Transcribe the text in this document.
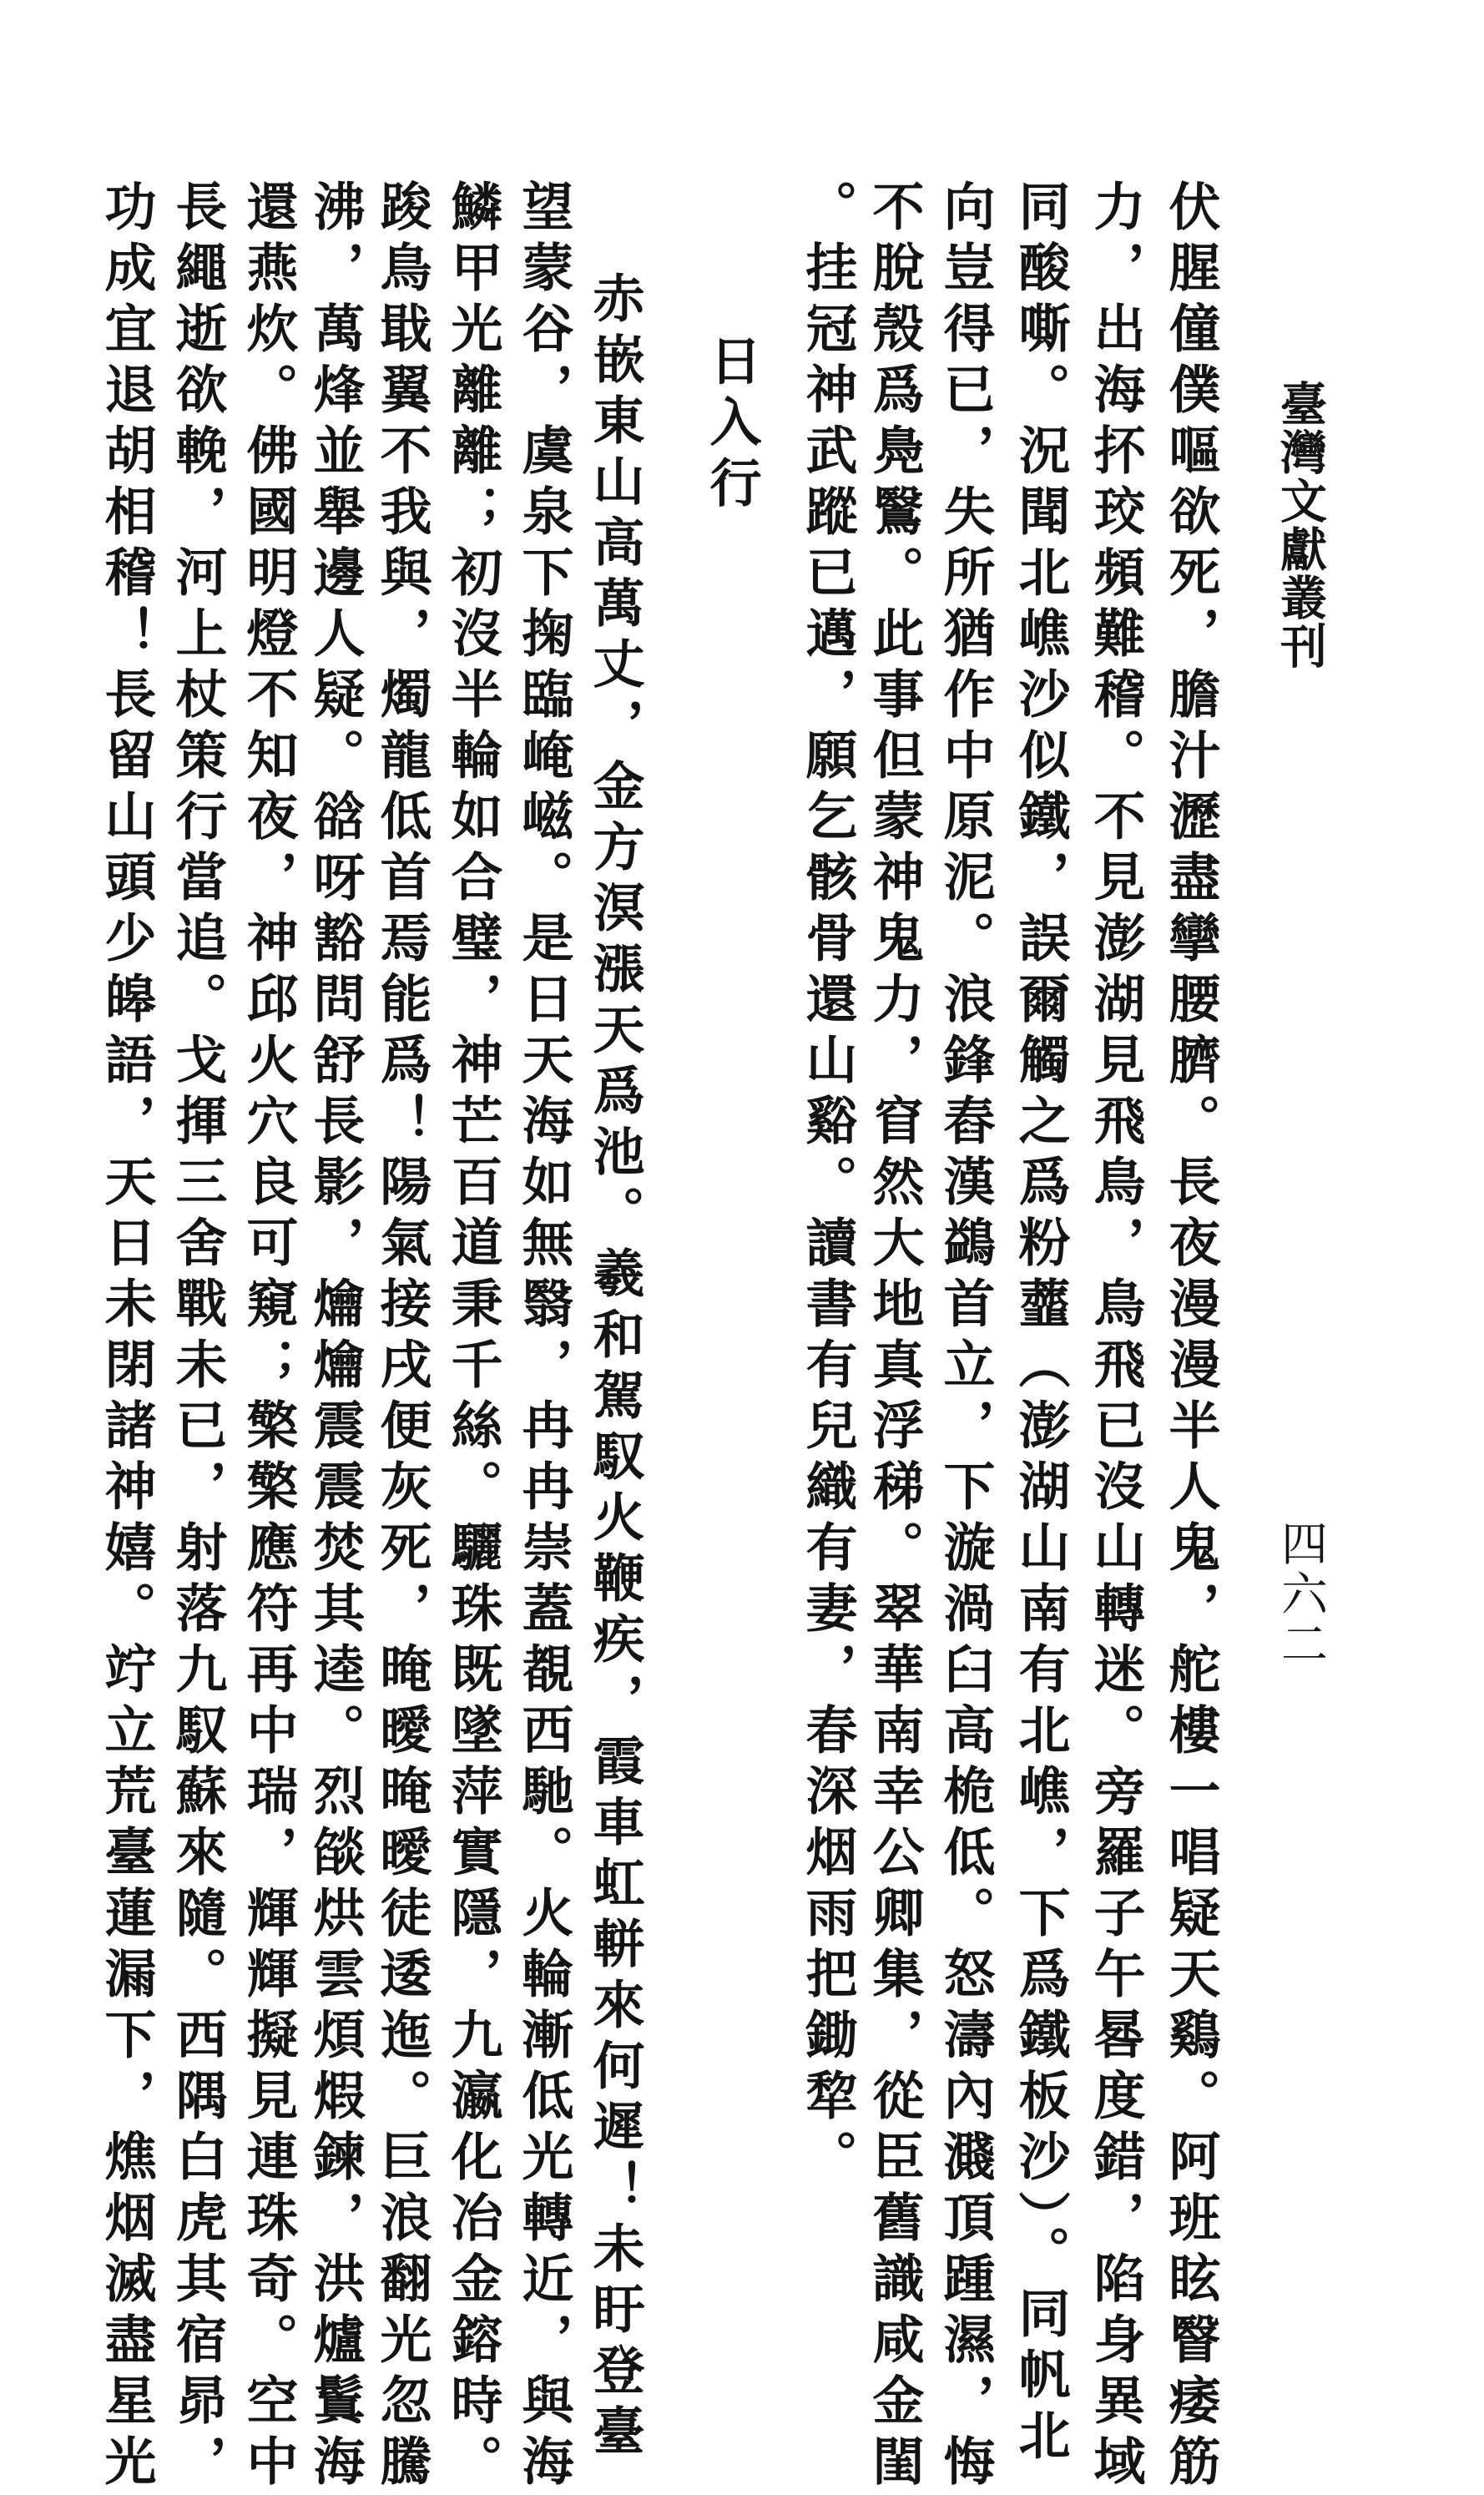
臺灣文獻叢刊
四六二
伏腥僮僕嘔欲死，膽汁瀝盡攣腰臍。長夜漫漫半人鬼，舵樓一唱疑天鷄。阿班眩瞖痿筋
力，出海抔珓頻難稽。不見澎湖見飛鳥，鳥飛已沒山轉迷。旁羅子午晷度錯，陷身異域
同酸嘶。況聞北嶕沙似鐵，誤爾觸之爲粉虀（澎湖山南有北嶕，下爲鐵板沙）。同帆北
向豈得已，失所猶作中原泥。浪鋒舂漢鷁首立，下漩渦臼高桅低。怒濤內濺頂踵濕，悔
不脫殼爲鳧鷖。此事但蒙神鬼力，窅然大地真浮稊。翠華南幸公卿集，從臣舊識咸金閨
。挂冠神武蹤已邁，願乞骸骨還山谿。讀書有兒織有妻，春深烟雨把鋤犂。
日入行
赤嵌東山高萬丈，金方溟漲天爲池。羲和駕馭火鞭疾，霞車虹軿來何遲！未盱登臺
望蒙谷，虞泉下掬臨崦嵫。是日天海如無翳，冉冉崇蓋覩西馳。火輪漸低光轉近，與海
鱗甲光離離；初沒半輪如合璧，神芒百道秉千絲。驪珠既墜萍實隱，九瀛化冶金鎔時。
踆鳥戢翼不我與，燭龍低首焉能爲！陽氣接戌便灰死，晻曖晻曖徒逶迤。巨浪翻光忽騰
沸，萬烽並舉邊人疑。谽呀豁問舒長影，爚爚震震焚其逵。烈燄烘雲煩煆鍊，洪爐鬒海
還燕炊。佛國明燈不知夜，神邱火穴良可窺；檠檠應符再中瑞，輝輝擬見連珠奇。空中
長繩逝欲輓，河上杖策行當追。戈揮三舍戰未已，射落九馭蘇來隨。西隅白虎其宿昴，
功成宜退胡相稽！長留山頭少皞語，天日未閉諸神嬉。竚立荒臺蓮漏下，燋烟滅盡星光
